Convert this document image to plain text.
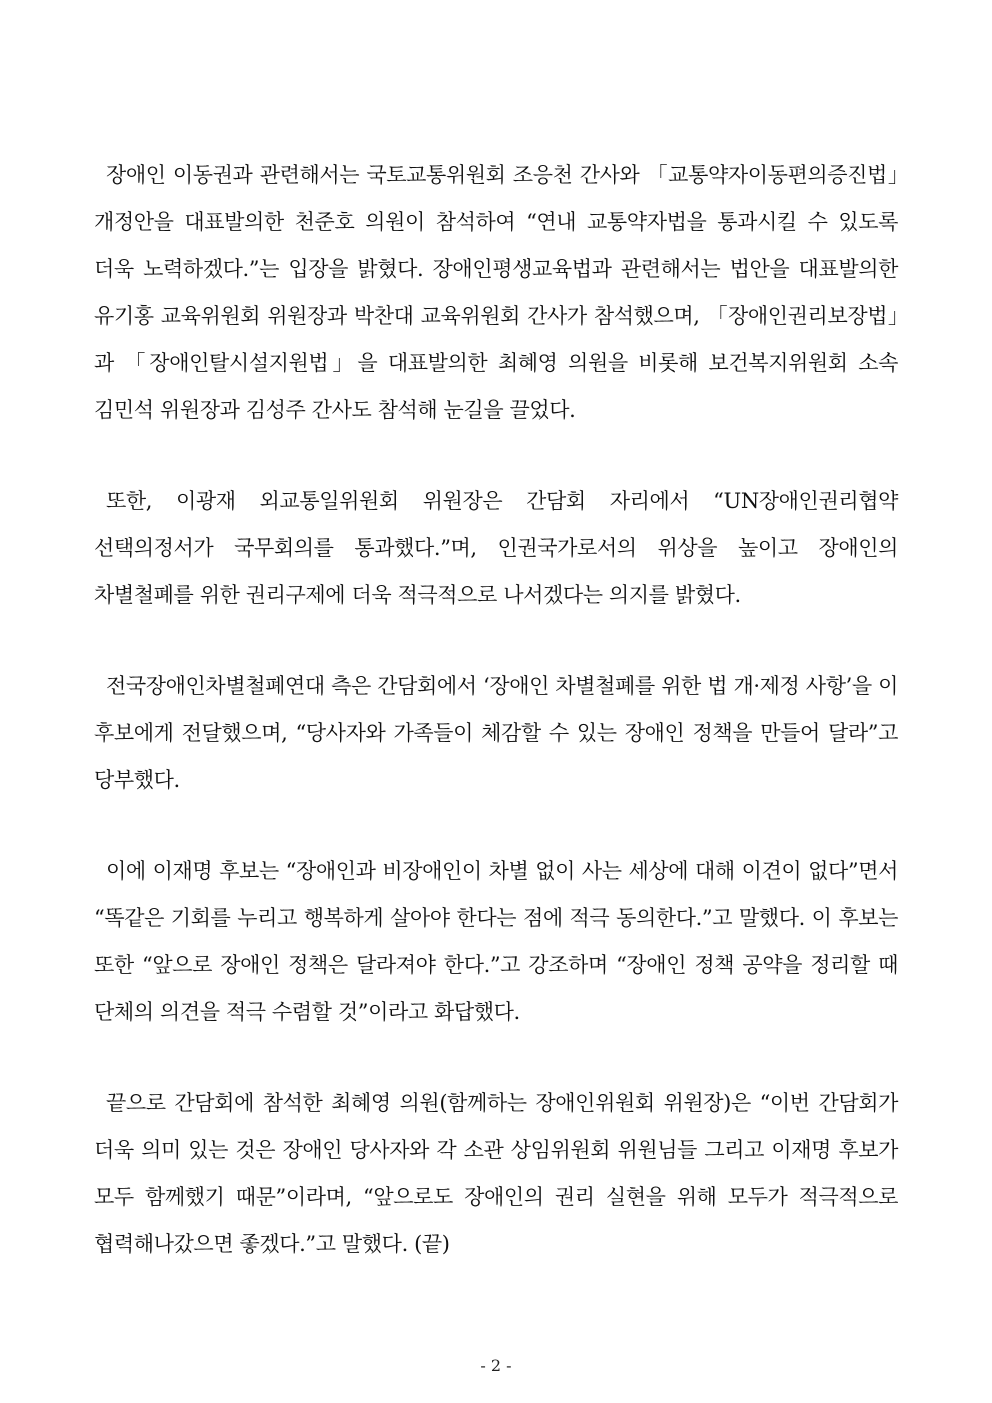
장애인 이동권과 관련해서는 국토교통위원회 조응천 간사와 「교통약자이동편의증진법」개정안을 대표발의한 천준호 의원이 참석하여 “연내 교통약자법을 통과시킬 수 있도록 더욱 노력하겠다.”는 입장을 밝혔다. 장애인평생교육법과 관련해서는 법안을 대표발의한 유기홍 교육위원회 위원장과 박찬대 교육위원회 간사가 참석했으며, 「장애인권리보장법」과 「장애인탈시설지원법」을 대표발의한 최혜영 의원을 비롯해 보건복지위원회 소속 김민석 위원장과 김성주 간사도 참석해 눈길을 끌었다.

또한, 이광재 외교통일위원회 위원장은 간담회 자리에서 “UN장애인권리협약 선택의정서가 국무회의를 통과했다.”며, 인권국가로서의 위상을 높이고 장애인의 차별철폐를 위한 권리구제에 더욱 적극적으로 나서겠다는 의지를 밝혔다.

전국장애인차별철폐연대 측은 간담회에서 ‘장애인 차별철폐를 위한 법 개·제정 사항’을 이 후보에게 전달했으며, “당사자와 가족들이 체감할 수 있는 장애인 정책을 만들어 달라”고 당부했다.

이에 이재명 후보는 “장애인과 비장애인이 차별 없이 사는 세상에 대해 이견이 없다”면서 “똑같은 기회를 누리고 행복하게 살아야 한다는 점에 적극 동의한다.”고 말했다. 이 후보는 또한 “앞으로 장애인 정책은 달라져야 한다.”고 강조하며 “장애인 정책 공약을 정리할 때 단체의 의견을 적극 수렴할 것”이라고 화답했다.

끝으로 간담회에 참석한 최혜영 의원(함께하는 장애인위원회 위원장)은 “이번 간담회가 더욱 의미 있는 것은 장애인 당사자와 각 소관 상임위원회 위원님들 그리고 이재명 후보가 모두 함께했기 때문”이라며, “앞으로도 장애인의 권리 실현을 위해 모두가 적극적으로 협력해나갔으면 좋겠다.”고 말했다. (끝)

- 2 -
